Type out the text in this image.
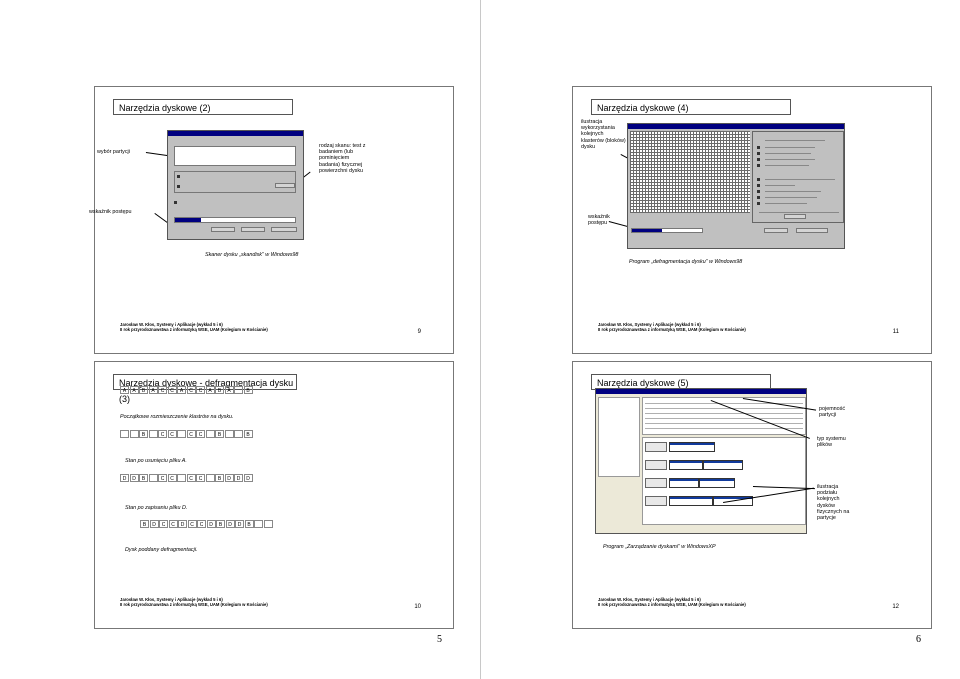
Narzędzia dyskowe (2)
wybór partycji
wskaźnik postępu
rodzaj skanu: test z badaniem (lub pominięciem badania) fizycznej powierzchni dysku
Skaner dysku „skandisk” w Windows98
Jarosław W. Kłos, Systemy i Aplikacje (wykład 5 i 6)
II rok przyrodoznawstwa z informatyką WSE, UAM (Kolegium w Kościanie)	9
Narzędzia dyskowe (4)
ilustracja wykorzystania kolejnych klasterów (bloków) dysku
wskaźnik postępu
Program „defragmentacja dysku” w Windows98
Jarosław W. Kłos, Systemy i Aplikacje (wykład 5 i 6)
II rok przyrodoznawstwa z informatyką WSE, UAM (Kolegium w Kościanie)	11
Narzędzia dyskowe - defragmentacja dysku (3)
A A B A C C A C C A B A	B
Początkowe rozmieszczenie klastrów na dysku.
B	C C	C C	B	B
Stan po usunięciu pliku A.
D D B	C C	C C	B D D D
Stan po zapisaniu pliku D.
B D C C D C C D B D D B
Dysk poddany defragmentacji.
Jarosław W. Kłos, Systemy i Aplikacje (wykład 5 i 6)
II rok przyrodoznawstwa z informatyką WSE, UAM (Kolegium w Kościanie)	10
Narzędzia dyskowe (5)
pojemność partycji
typ systemu plików
ilustracja podziału kolejnych dysków fizycznych na partycje
Program „Zarządzanie dyskami” w WindowsXP
Jarosław W. Kłos, Systemy i Aplikacje (wykład 5 i 6)
II rok przyrodoznawstwa z informatyką WSE, UAM (Kolegium w Kościanie)	12
5	6
